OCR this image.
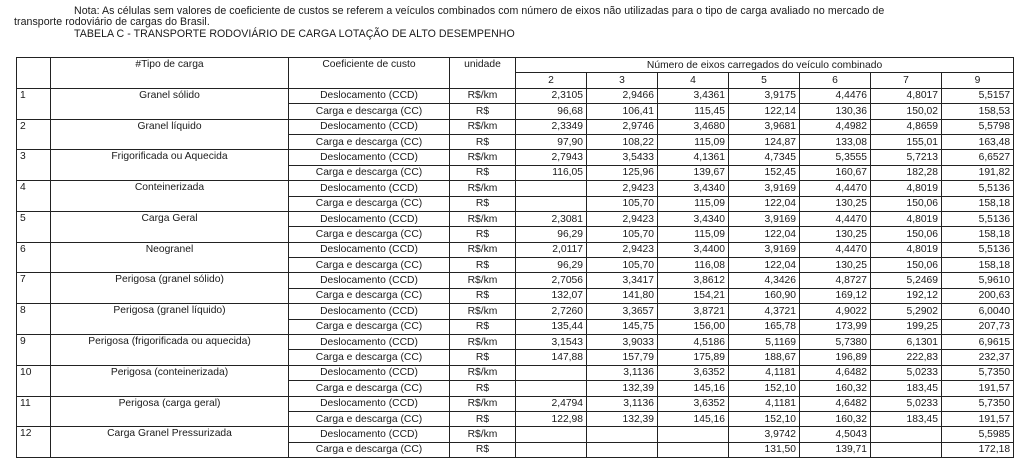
Nota: As células sem valores de coeficiente de custos se referem a veículos combinados com número de eixos não utilizadas para o tipo de carga avaliado no mercado de
transporte rodoviário de cargas do Brasil.
TABELA C - TRANSPORTE RODOVIÁRIO DE CARGA LOTAÇÃO DE ALTO DESEMPENHO
	#Tipo de carga	Coeficiente de custo	unidade	Número de eixos carregados do veículo combinado						
				2	3	4	5	6	7	9
1	Granel sólido	Deslocamento (CCD)	R$/km	2,3105	2,9466	3,4361	3,9175	4,4476	4,8017	5,5157
		Carga e descarga (CC)	R$	96,68	106,41	115,45	122,14	130,36	150,02	158,53
2	Granel líquido	Deslocamento (CCD)	R$/km	2,3349	2,9746	3,4680	3,9681	4,4982	4,8659	5,5798
		Carga e descarga (CC)	R$	97,90	108,22	115,09	124,87	133,08	155,01	163,48
3	Frigorificada ou Aquecida	Deslocamento (CCD)	R$/km	2,7943	3,5433	4,1361	4,7345	5,3555	5,7213	6,6527
		Carga e descarga (CC)	R$	116,05	125,96	139,67	152,45	160,67	182,28	191,82
4	Conteinerizada	Deslocamento (CCD)	R$/km		2,9423	3,4340	3,9169	4,4470	4,8019	5,5136
		Carga e descarga (CC)	R$		105,70	115,09	122,04	130,25	150,06	158,18
5	Carga Geral	Deslocamento (CCD)	R$/km	2,3081	2,9423	3,4340	3,9169	4,4470	4,8019	5,5136
		Carga e descarga (CC)	R$	96,29	105,70	115,09	122,04	130,25	150,06	158,18
6	Neogranel	Deslocamento (CCD)	R$/km	2,0117	2,9423	3,4400	3,9169	4,4470	4,8019	5,5136
		Carga e descarga (CC)	R$	96,29	105,70	116,08	122,04	130,25	150,06	158,18
7	Perigosa (granel sólido)	Deslocamento (CCD)	R$/km	2,7056	3,3417	3,8612	4,3426	4,8727	5,2469	5,9610
		Carga e descarga (CC)	R$	132,07	141,80	154,21	160,90	169,12	192,12	200,63
8	Perigosa (granel líquido)	Deslocamento (CCD)	R$/km	2,7260	3,3657	3,8721	4,3721	4,9022	5,2902	6,0040
		Carga e descarga (CC)	R$	135,44	145,75	156,00	165,78	173,99	199,25	207,73
9	Perigosa (frigorificada ou aquecida)	Deslocamento (CCD)	R$/km	3,1543	3,9033	4,5186	5,1169	5,7380	6,1301	6,9615
		Carga e descarga (CC)	R$	147,88	157,79	175,89	188,67	196,89	222,83	232,37
10	Perigosa (conteinerizada)	Deslocamento (CCD)	R$/km		3,1136	3,6352	4,1181	4,6482	5,0233	5,7350
		Carga e descarga (CC)	R$		132,39	145,16	152,10	160,32	183,45	191,57
11	Perigosa (carga geral)	Deslocamento (CCD)	R$/km	2,4794	3,1136	3,6352	4,1181	4,6482	5,0233	5,7350
		Carga e descarga (CC)	R$	122,98	132,39	145,16	152,10	160,32	183,45	191,57
12	Carga Granel Pressurizada	Deslocamento (CCD)	R$/km				3,9742	4,5043		5,5985
		Carga e descarga (CC)	R$				131,50	139,71		172,18
